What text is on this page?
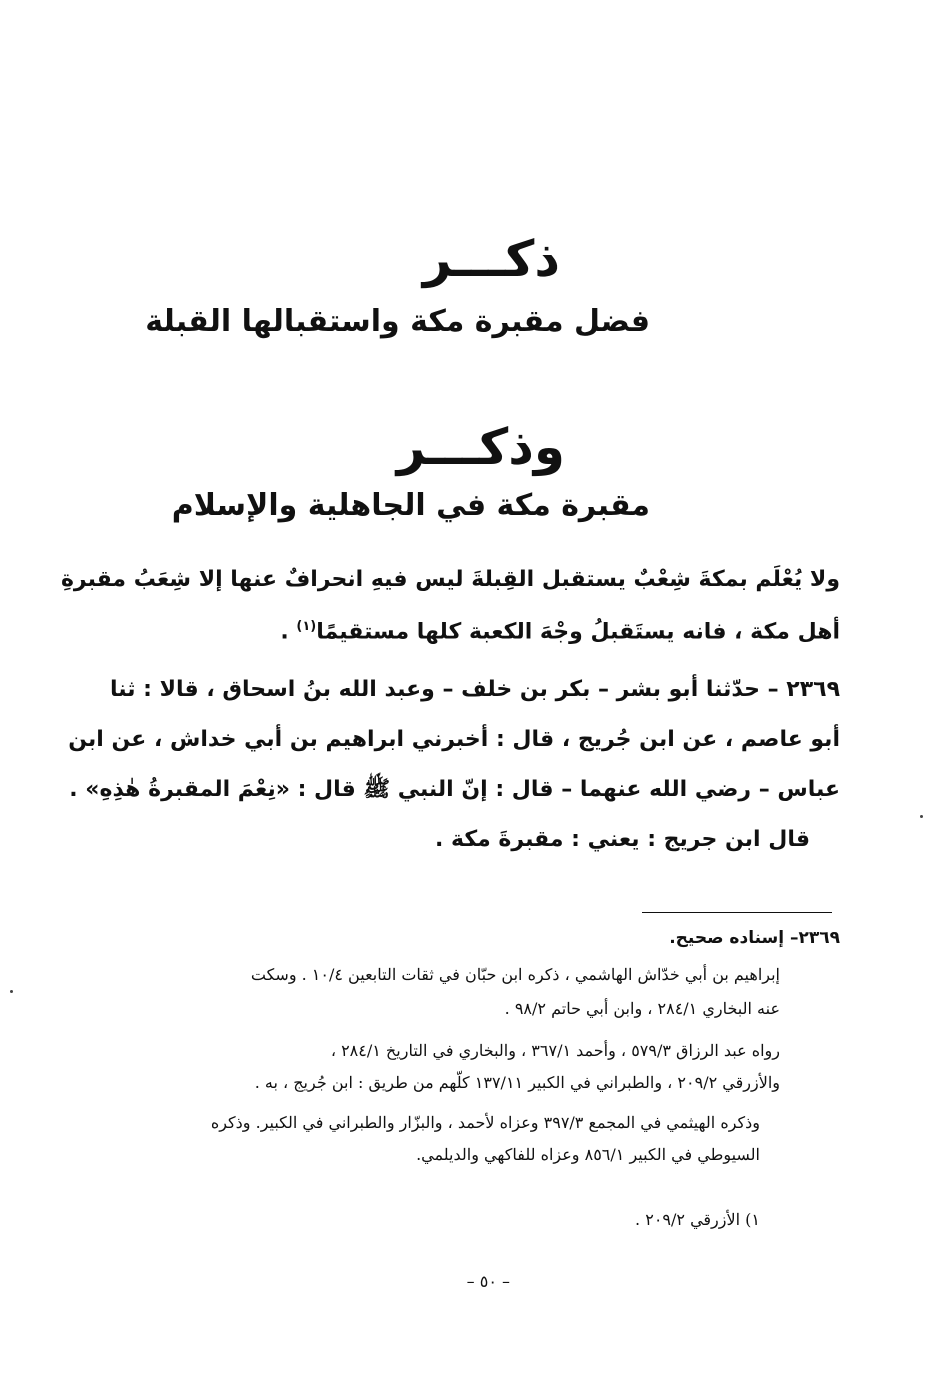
ذكـــر
فضل مقبرة مكة واستقبالها القبلة
وذكـــر
مقبرة مكة في الجاهلية والإسلام
ولا يُعْلَم بمكةَ شِعْبٌ يستقبل القِبلةَ ليس فيهِ انحرافٌ عنها إلا شِعَبُ مقبرةِ
أهل مكة ، فانه يستَقبلُ وجْهَ الكعبة كلها مستقيمًا$^{(١)}$ .
٢٣٦٩ – حدّثنا أبو بشر – بكر بن خلف – وعبد الله بنُ اسحاق ، قالا : ثنا
أبو عاصم ، عن ابن جُريج ، قال : أخبرني ابراهيم بن أبي خداش ، عن ابن
عباس – رضي الله عنهما – قال : إنّ النبي ﷺ قال : «نِعْمَ المقبرةُ هٰذِهِ» .
قال ابن جريج : يعني : مقبرةَ مكة .
٢٣٦٩– إسناده صحيح.
إبراهيم بن أبي خدّاش الهاشمي ، ذكره ابن حبّان في ثقات التابعين ١٠/٤ . وسكت
عنه البخاري ٢٨٤/١ ، وابن أبي حاتم ٩٨/٢ .
رواه عبد الرزاق ٥٧٩/٣ ، وأحمد ٣٦٧/١ ، والبخاري في التاريخ ٢٨٤/١ ،
والأزرقي ٢٠٩/٢ ، والطبراني في الكبير ١٣٧/١١ كلّهم من طريق : ابن جُريج ، به .
وذكره الهيثمي في المجمع ٣٩٧/٣ وعزاه لأحمد ، والبزّار والطبراني في الكبير. وذكره
السيوطي في الكبير ٨٥٦/١ وعزاه للفاكهي والديلمي.
١) الأزرقي ٢٠٩/٢ .
– ٥٠ –
